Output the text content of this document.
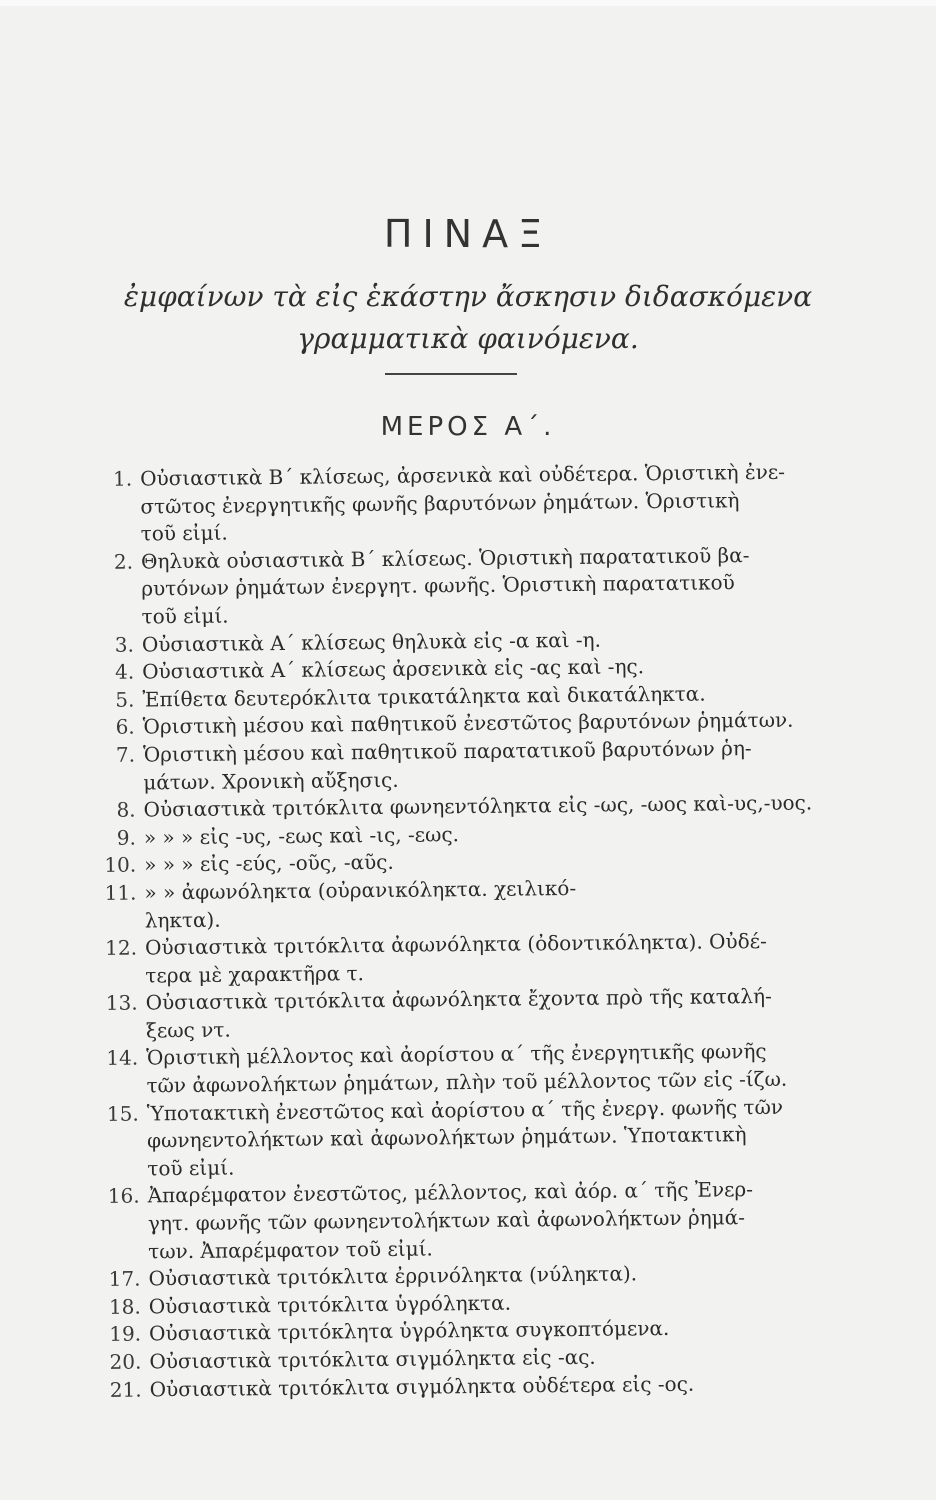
ΠΙΝΑΞ
ἐμφαίνων τὰ εἰς ἑκάστην ἄσκησιν διδασκόμενα
γραμματικὰ φαινόμενα.
ΜΕΡΟΣ Α΄.
1. Οὐσιαστικὰ Β΄ κλίσεως, ἀρσενικὰ καὶ οὐδέτερα. Ὁριστικὴ ἐνε-
στῶτος ἐνεργητικῆς φωνῆς βαρυτόνων ῥημάτων. Ὁριστικὴ
τοῦ εἰμί.
2. Θηλυκὰ οὐσιαστικὰ Β΄ κλίσεως. Ὁριστικὴ παρατατικοῦ βα-
ρυτόνων ῥημάτων ἐνεργητ. φωνῆς. Ὁριστικὴ παρατατικοῦ
τοῦ εἰμί.
3. Οὐσιαστικὰ Α΄ κλίσεως θηλυκὰ εἰς -α καὶ -η.
4. Οὐσιαστικὰ Α΄ κλίσεως ἀρσενικὰ εἰς -ας καὶ -ης.
5. Ἐπίθετα δευτερόκλιτα τρικατάληκτα καὶ δικατάληκτα.
6. Ὁριστικὴ μέσου καὶ παθητικοῦ ἐνεστῶτος βαρυτόνων ῥημάτων.
7. Ὁριστικὴ μέσου καὶ παθητικοῦ παρατατικοῦ βαρυτόνων ῥη-
μάτων. Χρονικὴ αὔξησις.
8. Οὐσιαστικὰ τριτόκλιτα φωνηεντόληκτα εἰς -ως, -ωος καὶ-υς,-υος.
9. » » » εἰς -υς, -εως καὶ -ις, -εως.
10. » » » εἰς -εύς, -οῦς, -αῦς.
11. » » ἀφωνόληκτα (οὐρανικόληκτα. χειλικό-
ληκτα).
12. Οὐσιαστικὰ τριτόκλιτα ἀφωνόληκτα (ὀδοντικόληκτα). Οὐδέ-
τερα μὲ χαρακτῆρα τ.
13. Οὐσιαστικὰ τριτόκλιτα ἀφωνόληκτα ἔχοντα πρὸ τῆς καταλή-
ξεως ντ.
14. Ὁριστικὴ μέλλοντος καὶ ἀορίστου α΄ τῆς ἐνεργητικῆς φωνῆς
τῶν ἀφωνολήκτων ῥημάτων, πλὴν τοῦ μέλλοντος τῶν εἰς -ίζω.
15. Ὑποτακτικὴ ἐνεστῶτος καὶ ἀορίστου α΄ τῆς ἐνεργ. φωνῆς τῶν
φωνηεντολήκτων καὶ ἀφωνολήκτων ῥημάτων. Ὑποτακτικὴ
τοῦ εἰμί.
16. Ἀπαρέμφατον ἐνεστῶτος, μέλλοντος, καὶ ἀόρ. α΄ τῆς Ἐνερ-
γητ. φωνῆς τῶν φωνηεντολήκτων καὶ ἀφωνολήκτων ῥημά-
των. Ἀπαρέμφατον τοῦ εἰμί.
17. Οὐσιαστικὰ τριτόκλιτα ἐρρινόληκτα (νύληκτα).
18. Οὐσιαστικὰ τριτόκλιτα ὑγρόληκτα.
19. Οὐσιαστικὰ τριτόκλητα ὑγρόληκτα συγκοπτόμενα.
20. Οὐσιαστικὰ τριτόκλιτα σιγμόληκτα εἰς -ας.
21. Οὐσιαστικὰ τριτόκλιτα σιγμόληκτα οὐδέτερα εἰς -ος.
